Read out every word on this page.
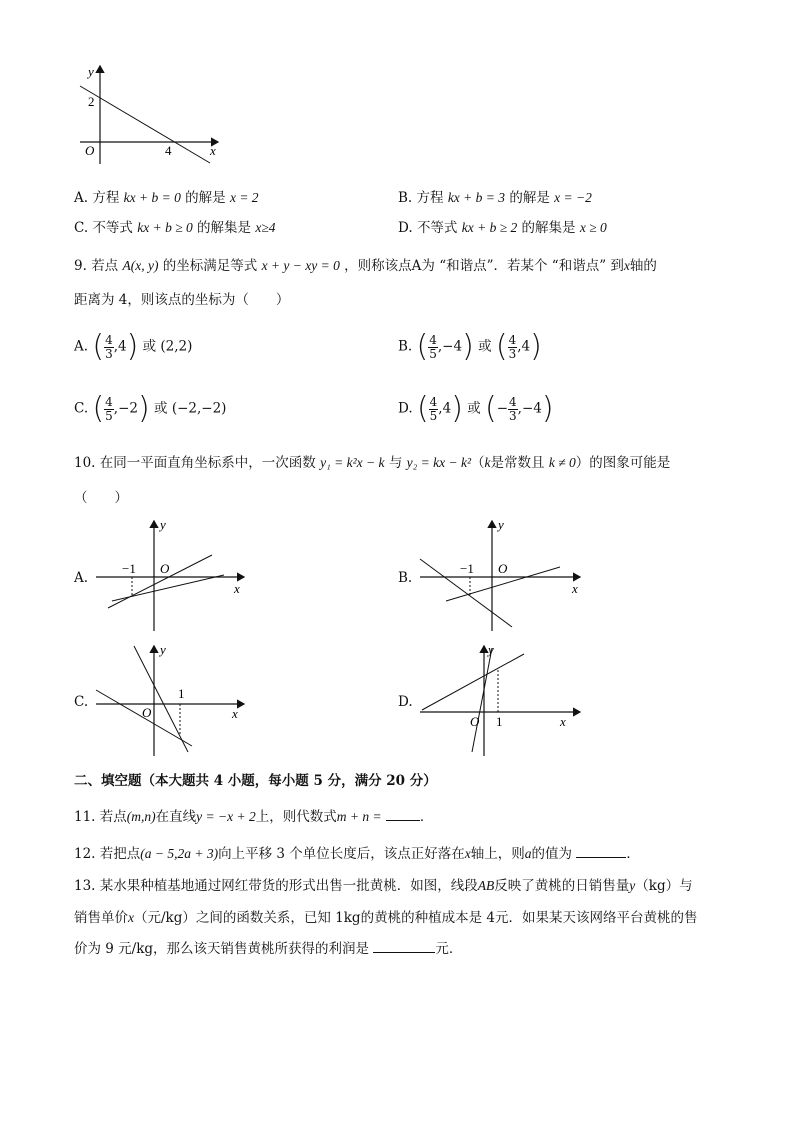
y
x
O
2
4
A. 方程 kx + b = 0 的解是 x = 2	B. 方程 kx + b = 3 的解是 x = −2
C. 不等式 kx + b ≥ 0 的解集是 x≥4	D. 不等式 kx + b ≥ 2 的解集是 x ≥ 0
9. 若点 A(x, y) 的坐标满足等式 x + y − xy = 0 ，则称该点A为 “和谐点”．若某个 “和谐点” 到x轴的
距离为 4，则该点的坐标为（　　）
A. ( $\frac{4}{3} ,4$) 或 (2,2)	B. ( $\frac{4}{5} ,-4$) 或 ( $\frac{4}{3} ,4$)
C. ( $\frac{4}{5} ,-2$) 或 (−2,−2)	D. ( $\frac{4}{5} ,4$) 或 (− $\frac{4}{3} ,-4$)
10. 在同一平面直角坐标系中，一次函数 y₁ = k²x − k 与 y₂ = kx − k²（k是常数且 k ≠ 0）的图象可能是
（　　）
A.
−1 O
x
y
B.
−1 O
x
y
C.
1
O	x
y
D.
1
O	x
y
二、填空题（本大题共 4 小题，每小题 5 分，满分 20 分）
11. 若点(m,n)在直线y = −x + 2上，则代数式m + n =	．
12. 若把点(a − 5,2a + 3)向上平移 3 个单位长度后，该点正好落在x轴上，则a的值为	．
13. 某水果种植基地通过网红带货的形式出售一批黄桃．如图，线段AB反映了黄桃的日销售量y（kg）与
销售单价x（元/kg）之间的函数关系，已知 1kg的黄桃的种植成本是 4元．如果某天该网络平台黄桃的售
价为 9 元/kg，那么该天销售黄桃所获得的利润是	元．
